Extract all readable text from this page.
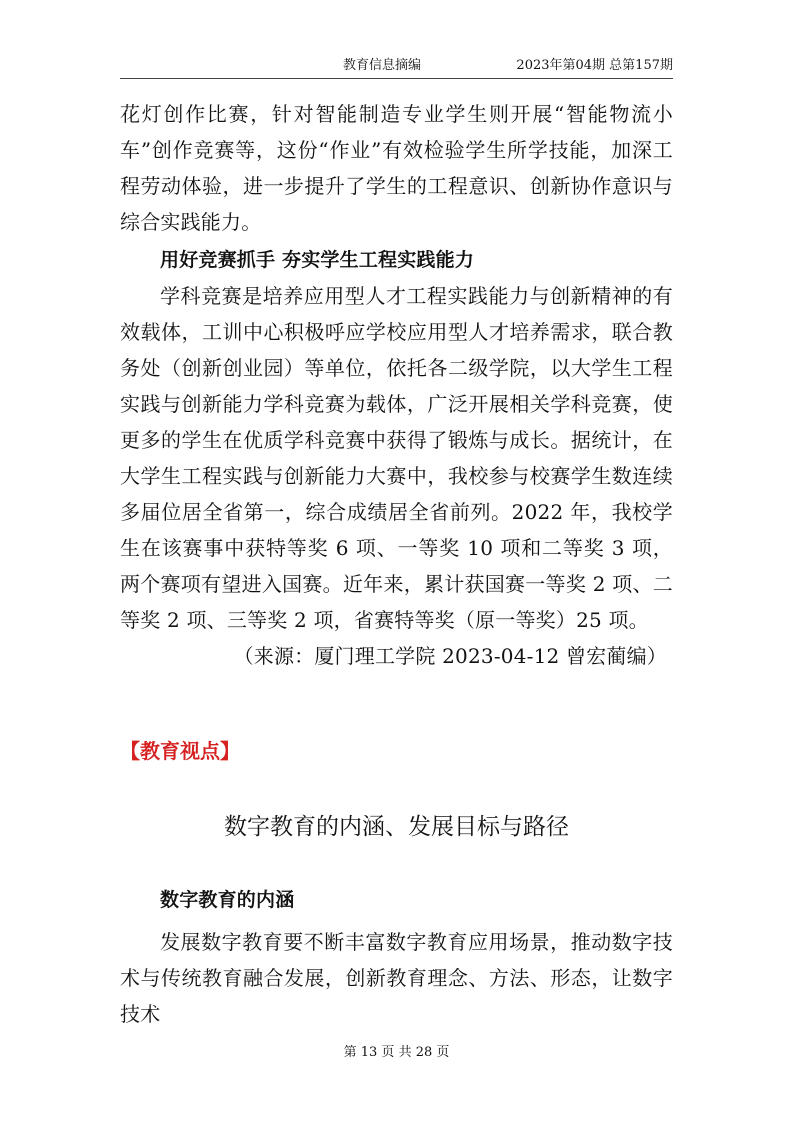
教育信息摘编	2023年第04期 总第157期

花灯创作比赛，针对智能制造专业学生则开展“智能物流小车”创作竞赛等，这份“作业”有效检验学生所学技能，加深工程劳动体验，进一步提升了学生的工程意识、创新协作意识与综合实践能力。

用好竞赛抓手 夯实学生工程实践能力

学科竞赛是培养应用型人才工程实践能力与创新精神的有效载体，工训中心积极呼应学校应用型人才培养需求，联合教务处（创新创业园）等单位，依托各二级学院，以大学生工程实践与创新能力学科竞赛为载体，广泛开展相关学科竞赛，使更多的学生在优质学科竞赛中获得了锻炼与成长。据统计，在大学生工程实践与创新能力大赛中，我校参与校赛学生数连续多届位居全省第一，综合成绩居全省前列。2022 年，我校学生在该赛事中获特等奖 6 项、一等奖 10 项和二等奖 3 项，两个赛项有望进入国赛。近年来，累计获国赛一等奖 2 项、二等奖 2 项、三等奖 2 项，省赛特等奖（原一等奖）25 项。

（来源：厦门理工学院 2023-04-12 曾宏蔺编）

【教育视点】
数字教育的内涵、发展目标与路径

数字教育的内涵

发展数字教育要不断丰富数字教育应用场景，推动数字技术与传统教育融合发展，创新教育理念、方法、形态，让数字技术

第 13 页 共 28 页
